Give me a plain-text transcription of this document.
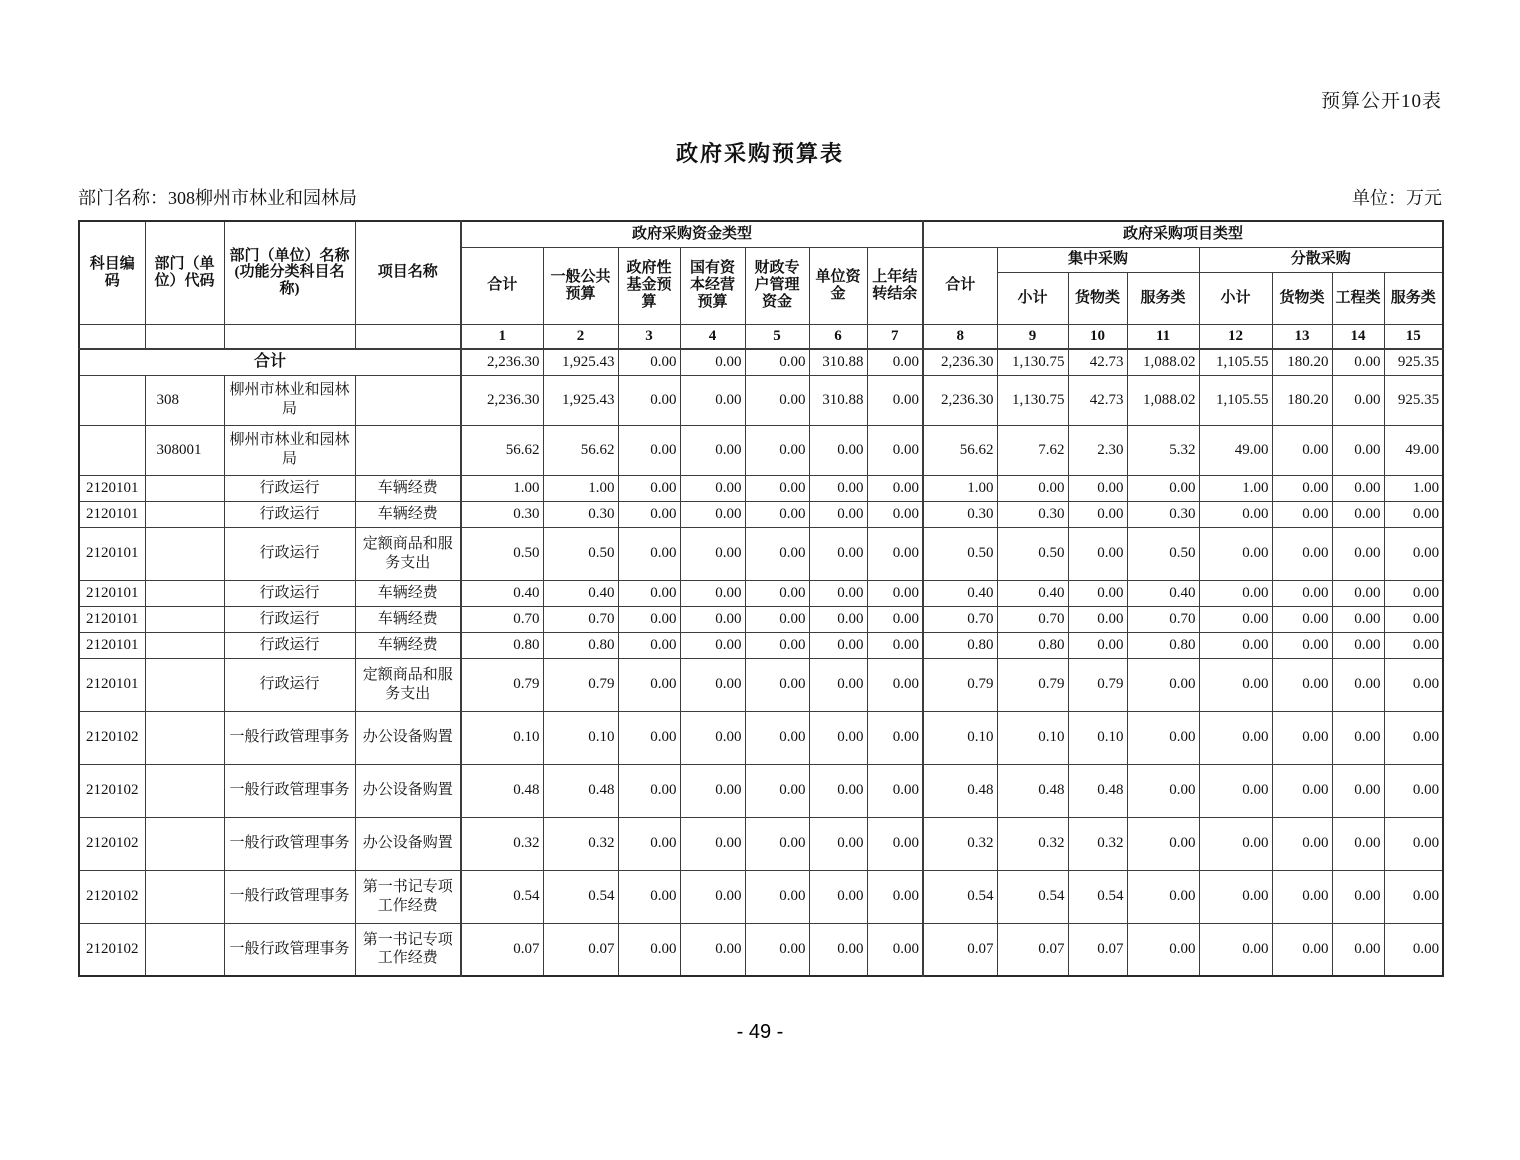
预算公开10表
政府采购预算表
部门名称：308柳州市林业和园林局	单位：万元
科目编码	部门（单位）代码	部门（单位）名称(功能分类科目名称)	项目名称	政府采购资金类型							政府采购项目类型							
				合计	一般公共预算	政府性基金预算	国有资本经营预算	财政专户管理资金	单位资金	上年结转结余	合计	集中采购			分散采购			
												小计	货物类	服务类	小计	货物类	工程类	服务类
				1	2	3	4	5	6	7	8	9	10	11	12	13	14	15
合计				2,236.30	1,925.43	0.00	0.00	0.00	310.88	0.00	2,236.30	1,130.75	42.73	1,088.02	1,105.55	180.20	0.00	925.35
	308	柳州市林业和园林局		2,236.30	1,925.43	0.00	0.00	0.00	310.88	0.00	2,236.30	1,130.75	42.73	1,088.02	1,105.55	180.20	0.00	925.35
	308001	柳州市林业和园林局		56.62	56.62	0.00	0.00	0.00	0.00	0.00	56.62	7.62	2.30	5.32	49.00	0.00	0.00	49.00
2120101		行政运行	车辆经费	1.00	1.00	0.00	0.00	0.00	0.00	0.00	1.00	0.00	0.00	0.00	1.00	0.00	0.00	1.00
2120101		行政运行	车辆经费	0.30	0.30	0.00	0.00	0.00	0.00	0.00	0.30	0.30	0.00	0.30	0.00	0.00	0.00	0.00
2120101		行政运行	定额商品和服务支出	0.50	0.50	0.00	0.00	0.00	0.00	0.00	0.50	0.50	0.00	0.50	0.00	0.00	0.00	0.00
2120101		行政运行	车辆经费	0.40	0.40	0.00	0.00	0.00	0.00	0.00	0.40	0.40	0.00	0.40	0.00	0.00	0.00	0.00
2120101		行政运行	车辆经费	0.70	0.70	0.00	0.00	0.00	0.00	0.00	0.70	0.70	0.00	0.70	0.00	0.00	0.00	0.00
2120101		行政运行	车辆经费	0.80	0.80	0.00	0.00	0.00	0.00	0.00	0.80	0.80	0.00	0.80	0.00	0.00	0.00	0.00
2120101		行政运行	定额商品和服务支出	0.79	0.79	0.00	0.00	0.00	0.00	0.00	0.79	0.79	0.79	0.00	0.00	0.00	0.00	0.00
2120102		一般行政管理事务	办公设备购置	0.10	0.10	0.00	0.00	0.00	0.00	0.00	0.10	0.10	0.10	0.00	0.00	0.00	0.00	0.00
2120102		一般行政管理事务	办公设备购置	0.48	0.48	0.00	0.00	0.00	0.00	0.00	0.48	0.48	0.48	0.00	0.00	0.00	0.00	0.00
2120102		一般行政管理事务	办公设备购置	0.32	0.32	0.00	0.00	0.00	0.00	0.00	0.32	0.32	0.32	0.00	0.00	0.00	0.00	0.00
2120102		一般行政管理事务	第一书记专项工作经费	0.54	0.54	0.00	0.00	0.00	0.00	0.00	0.54	0.54	0.54	0.00	0.00	0.00	0.00	0.00
2120102		一般行政管理事务	第一书记专项工作经费	0.07	0.07	0.00	0.00	0.00	0.00	0.00	0.07	0.07	0.07	0.00	0.00	0.00	0.00	0.00
- 49 -
